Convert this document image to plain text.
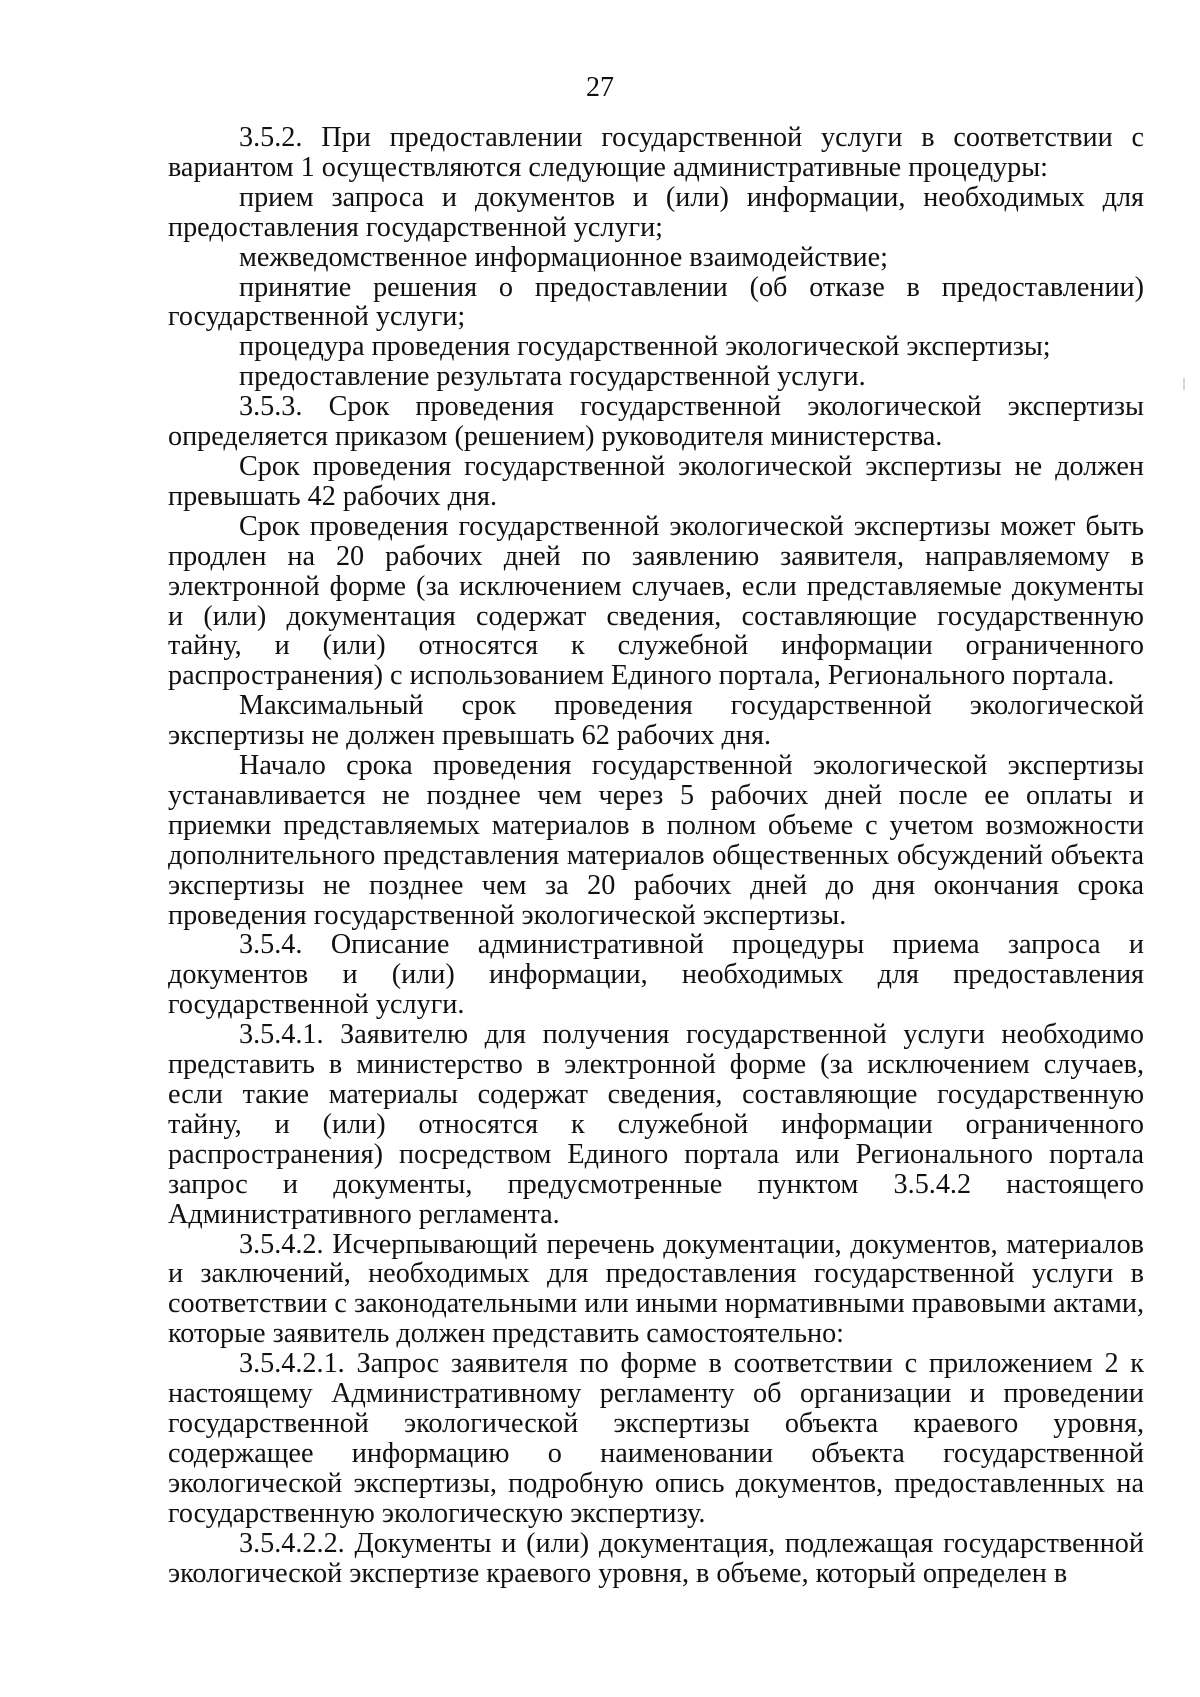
27

3.5.2. При предоставлении государственной услуги в соответствии с вариантом 1 осуществляются следующие административные процедуры:

прием запроса и документов и (или) информации, необходимых для предоставления государственной услуги;

межведомственное информационное взаимодействие;

принятие решения о предоставлении (об отказе в предоставлении) государственной услуги;

процедура проведения государственной экологической экспертизы;

предоставление результата государственной услуги.

3.5.3. Срок проведения государственной экологической экспертизы определяется приказом (решением) руководителя министерства.

Срок проведения государственной экологической экспертизы не должен превышать 42 рабочих дня.

Срок проведения государственной экологической экспертизы может быть продлен на 20 рабочих дней по заявлению заявителя, направляемому в электронной форме (за исключением случаев, если представляемые документы и (или) документация содержат сведения, составляющие государственную тайну, и (или) относятся к служебной информации ограниченного распространения) с использованием Единого портала, Регионального портала.

Максимальный срок проведения государственной экологической экспертизы не должен превышать 62 рабочих дня.

Начало срока проведения государственной экологической экспертизы устанавливается не позднее чем через 5 рабочих дней после ее оплаты и приемки представляемых материалов в полном объеме с учетом возможности дополнительного представления материалов общественных обсуждений объекта экспертизы не позднее чем за 20 рабочих дней до дня окончания срока проведения государственной экологической экспертизы.

3.5.4. Описание административной процедуры приема запроса и документов и (или) информации, необходимых для предоставления государственной услуги.

3.5.4.1. Заявителю для получения государственной услуги необходимо представить в министерство в электронной форме (за исключением случаев, если такие материалы содержат сведения, составляющие государственную тайну, и (или) относятся к служебной информации ограниченного распространения) посредством Единого портала или Регионального портала запрос и документы, предусмотренные пунктом 3.5.4.2 настоящего Административного регламента.

3.5.4.2. Исчерпывающий перечень документации, документов, материалов и заключений, необходимых для предоставления государственной услуги в соответствии с законодательными или иными нормативными правовыми актами, которые заявитель должен представить самостоятельно:

3.5.4.2.1. Запрос заявителя по форме в соответствии с приложением 2 к настоящему Административному регламенту об организации и проведении государственной экологической экспертизы объекта краевого уровня, содержащее информацию о наименовании объекта государственной экологической экспертизы, подробную опись документов, предоставленных на государственную экологическую экспертизу.

3.5.4.2.2. Документы и (или) документация, подлежащая государственной экологической экспертизе краевого уровня, в объеме, который определен в
